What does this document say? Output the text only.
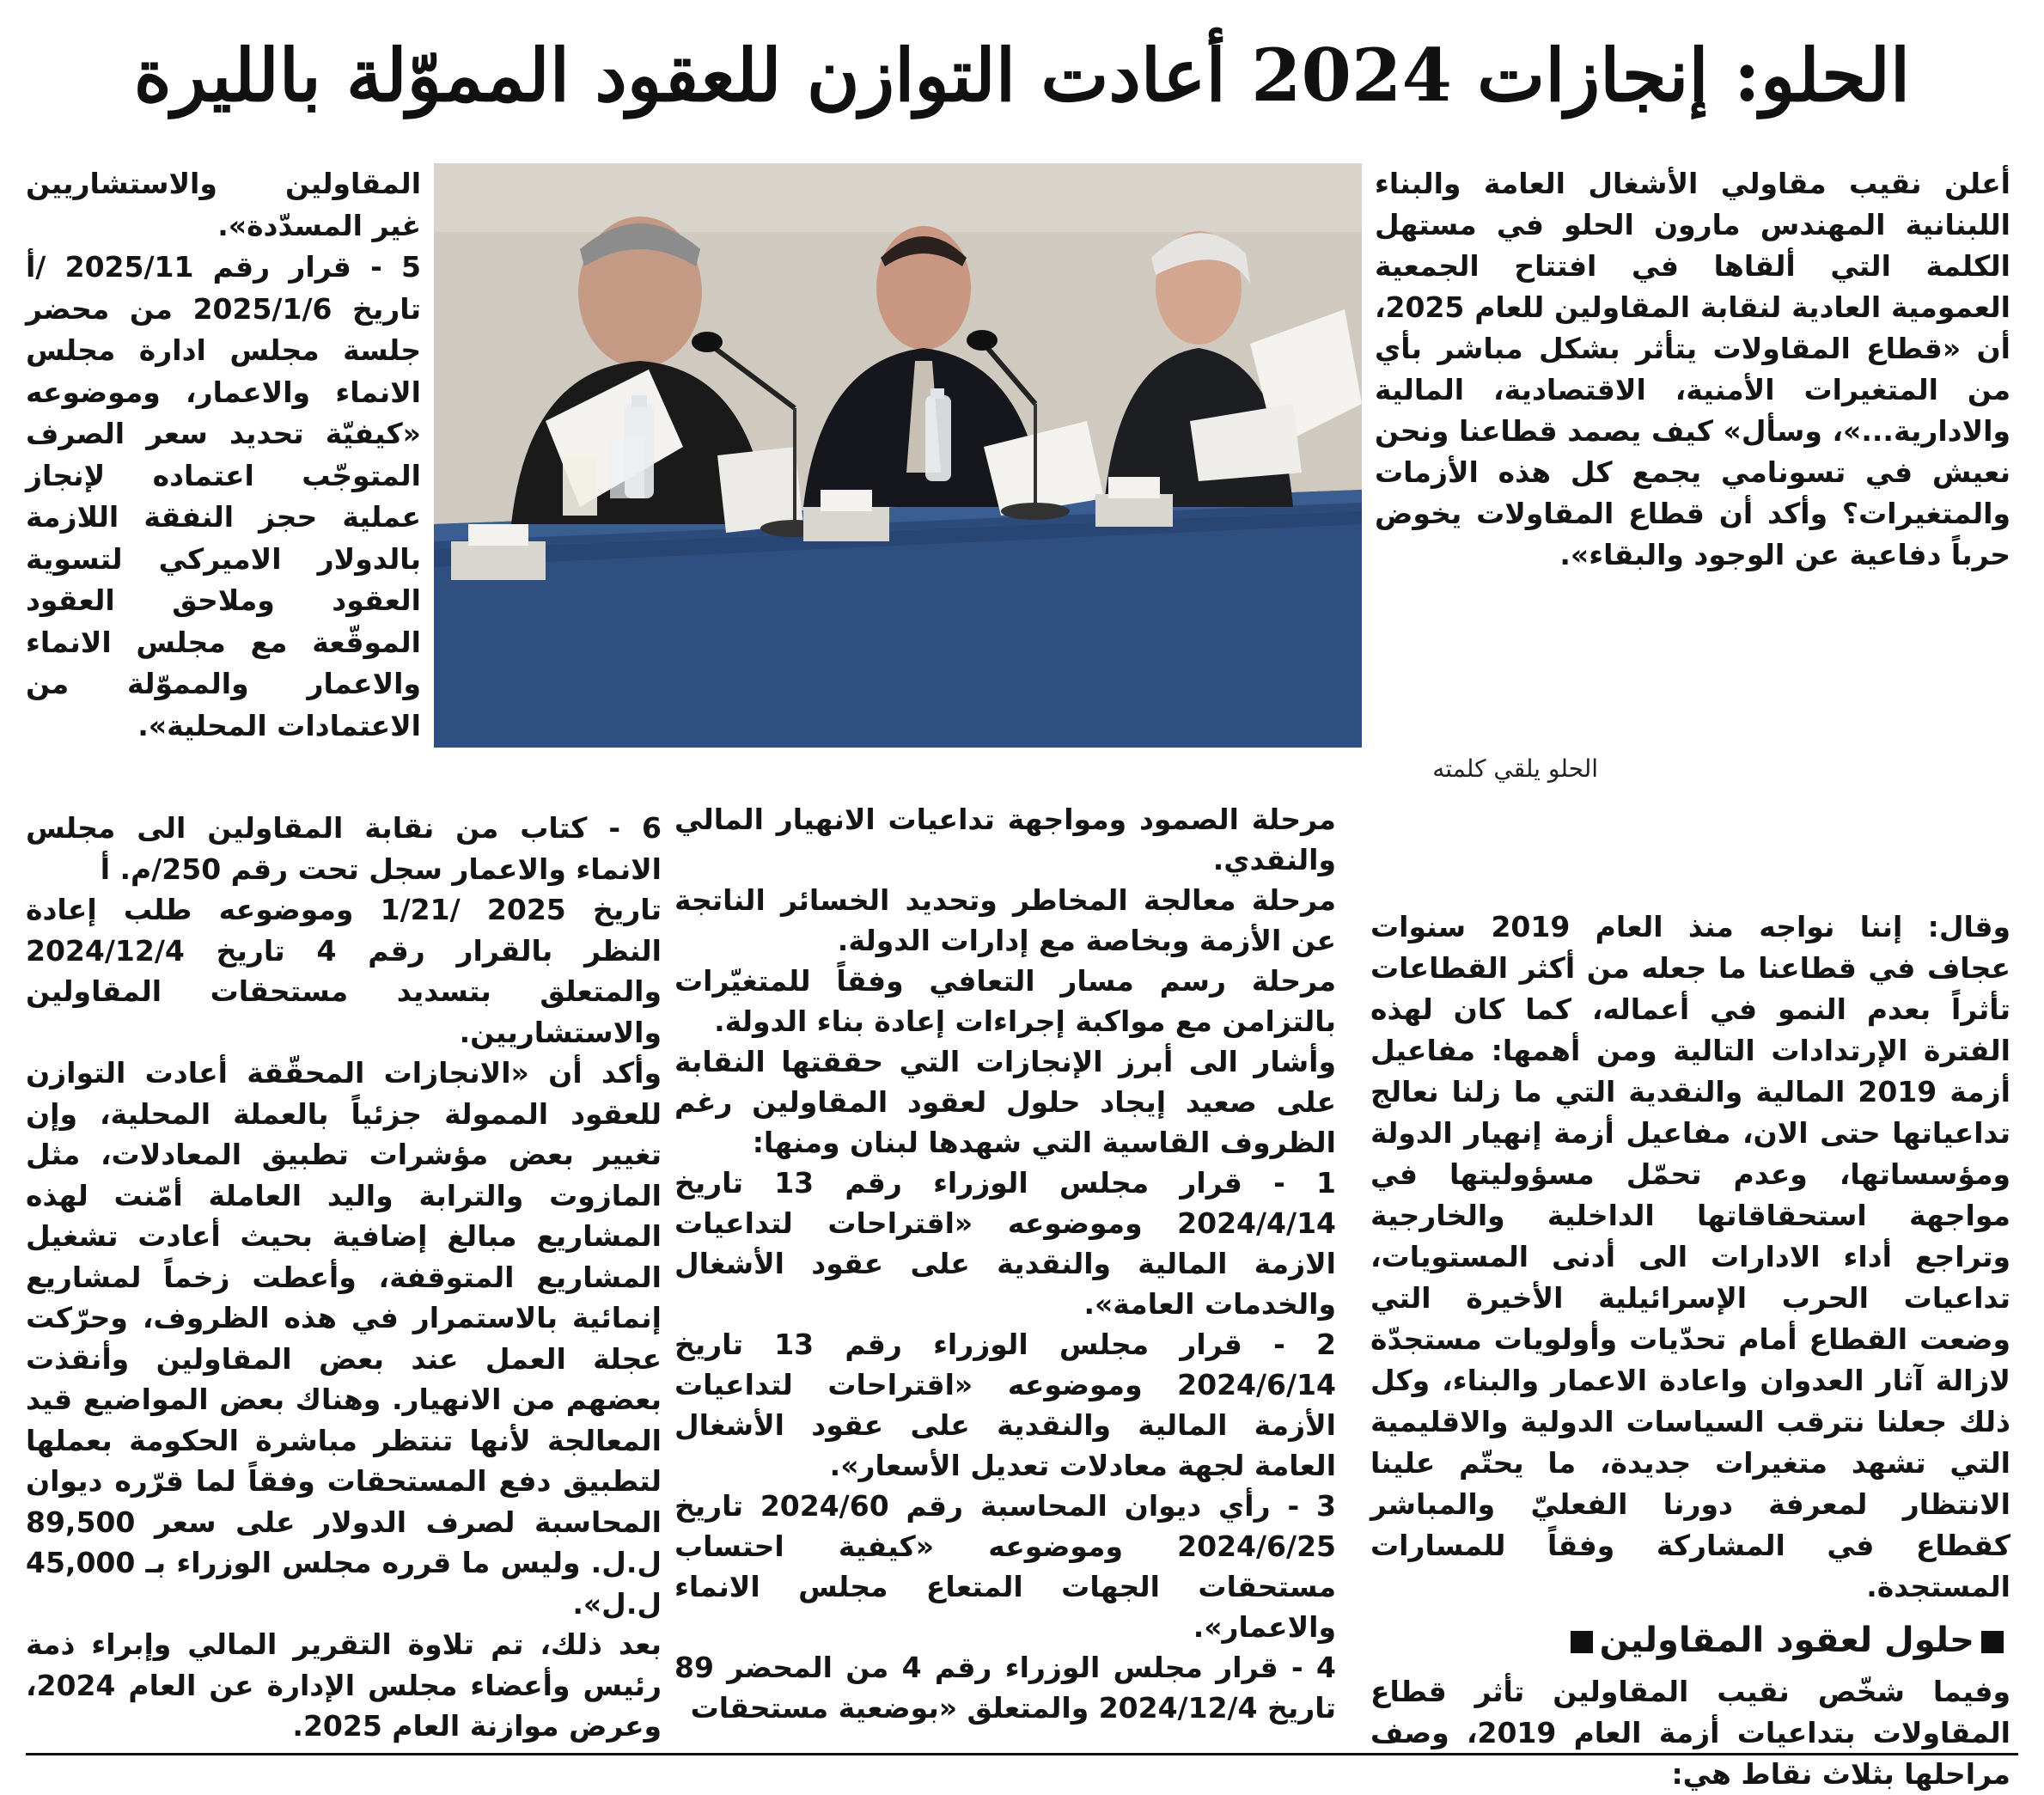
الحلو: إنجازات 2024 أعادت التوازن للعقود المموّلة بالليرة
الحلو يلقي كلمته

أعلن نقيب مقاولي الأشغال العامة والبناء اللبنانية المهندس مارون الحلو في مستهل الكلمة التي ألقاها في افتتاح الجمعية العمومية العادية لنقابة المقاولين للعام 2025، أن «قطاع المقاولات يتأثر بشكل مباشر بأي من المتغيرات الأمنية، الاقتصادية، المالية والادارية...»، وسأل» كيف يصمد قطاعنا ونحن نعيش في تسونامي يجمع كل هذه الأزمات والمتغيرات؟ وأكد أن قطاع المقاولات يخوض حرباً دفاعية عن الوجود والبقاء».

وقال: إننا نواجه منذ العام 2019 سنوات عجاف في قطاعنا ما جعله من أكثر القطاعات تأثراً بعدم النمو في أعماله، كما كان لهذه الفترة الإرتدادات التالية ومن أهمها: مفاعيل أزمة 2019 المالية والنقدية التي ما زلنا نعالج تداعياتها حتى الان، مفاعيل أزمة إنهيار الدولة ومؤسساتها، وعدم تحمّل مسؤوليتها في مواجهة استحقاقاتها الداخلية والخارجية وتراجع أداء الادارات الى أدنى المستويات، تداعيات الحرب الإسرائيلية الأخيرة التي وضعت القطاع أمام تحدّيات وأولويات مستجدّة لازالة آثار العدوان واعادة الاعمار والبناء، وكل ذلك جعلنا نترقب السياسات الدولية والاقليمية التي تشهد متغيرات جديدة، ما يحتّم علينا الانتظار لمعرفة دورنا الفعليّ والمباشر كقطاع في المشاركة وفقاً للمسارات المستجدة.

حلول لعقود المقاولين

وفيما شخّص نقيب المقاولين تأثر قطاع المقاولات بتداعيات أزمة العام 2019، وصف مراحلها بثلاث نقاط هي:

مرحلة الصمود ومواجهة تداعيات الانهيار المالي والنقدي.

مرحلة معالجة المخاطر وتحديد الخسائر الناتجة عن الأزمة وبخاصة مع إدارات الدولة.

مرحلة رسم مسار التعافي وفقاً للمتغيّرات بالتزامن مع مواكبة إجراءات إعادة بناء الدولة.

وأشار الى أبرز الإنجازات التي حققتها النقابة على صعيد إيجاد حلول لعقود المقاولين رغم الظروف القاسية التي شهدها لبنان ومنها:

1 - قرار مجلس الوزراء رقم 13 تاريخ 2024/4/14 وموضوعه «اقتراحات لتداعيات الازمة المالية والنقدية على عقود الأشغال والخدمات العامة».

2 - قرار مجلس الوزراء رقم 13 تاريخ 2024/6/14 وموضوعه «اقتراحات لتداعيات الأزمة المالية والنقدية على عقود الأشغال العامة لجهة معادلات تعديل الأسعار».

3 - رأي ديوان المحاسبة رقم 2024/60 تاريخ 2024/6/25 وموضوعه «كيفية احتساب مستحقات الجهات المتعاع مجلس الانماء والاعمار».

4 - قرار مجلس الوزراء رقم 4 من المحضر 89 تاريخ 2024/12/4 والمتعلق «بوضعية مستحقات

المقاولين والاستشاريين غير المسدّدة».

5 - قرار رقم 2025/11 /أ تاريخ 2025/1/6 من محضر جلسة مجلس ادارة مجلس الانماء والاعمار، وموضوعه «كيفيّة تحديد سعر الصرف المتوجّب اعتماده لإنجاز عملية حجز النفقة اللازمة بالدولار الاميركي لتسوية العقود وملاحق العقود الموقّعة مع مجلس الانماء والاعمار والمموّلة من الاعتمادات المحلية».

6 - كتاب من نقابة المقاولين الى مجلس الانماء والاعمار سجل تحت رقم 250/م. أ

تاريخ 2025 /1/21 وموضوعه طلب إعادة النظر بالقرار رقم 4 تاريخ 2024/12/4 والمتعلق بتسديد مستحقات المقاولين والاستشاريين.

وأكد أن «الانجازات المحقّقة أعادت التوازن للعقود الممولة جزئياً بالعملة المحلية، وإن تغيير بعض مؤشرات تطبيق المعادلات، مثل المازوت والترابة واليد العاملة أمّنت لهذه المشاريع مبالغ إضافية بحيث أعادت تشغيل المشاريع المتوقفة، وأعطت زخماً لمشاريع إنمائية بالاستمرار في هذه الظروف، وحرّكت عجلة العمل عند بعض المقاولين وأنقذت بعضهم من الانهيار. وهناك بعض المواضيع قيد المعالجة لأنها تنتظر مباشرة الحكومة بعملها لتطبيق دفع المستحقات وفقاً لما قرّره ديوان المحاسبة لصرف الدولار على سعر 89,500 ل.ل. وليس ما قرره مجلس الوزراء بـ 45,000 ل.ل».

بعد ذلك، تم تلاوة التقرير المالي وإبراء ذمة رئيس وأعضاء مجلس الإدارة عن العام 2024، وعرض موازنة العام 2025.
